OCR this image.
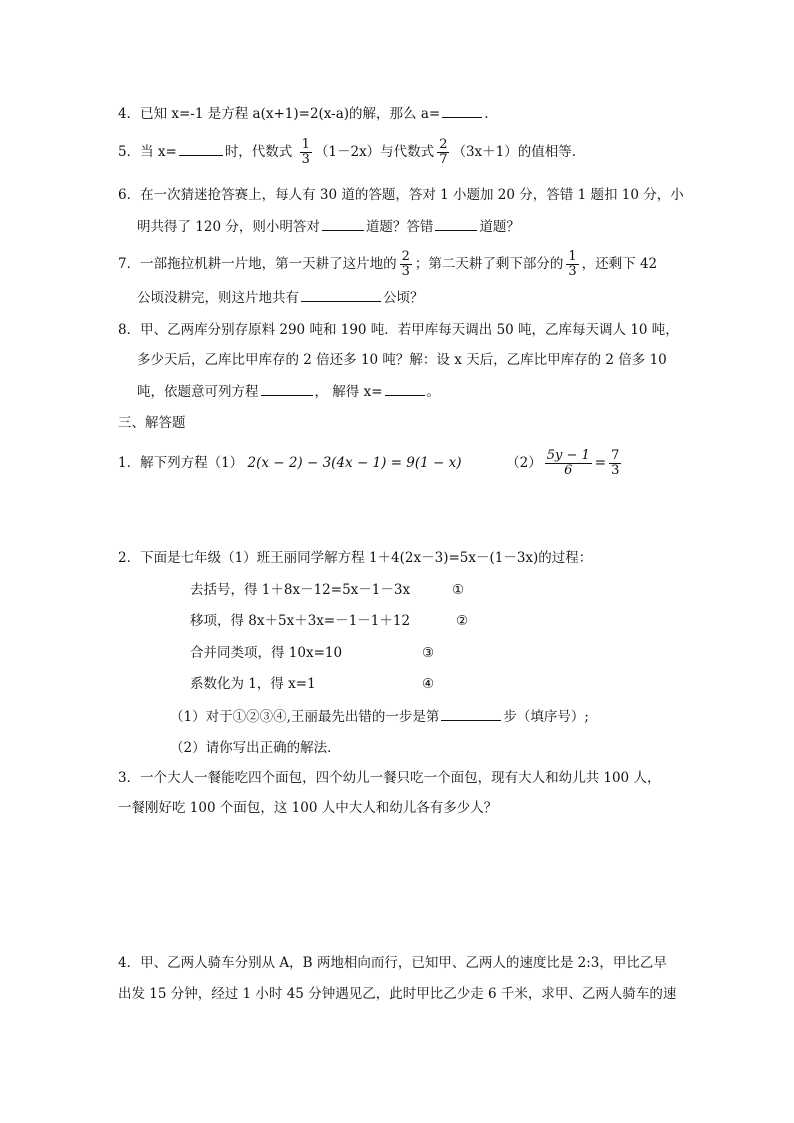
4．已知 x=-1 是方程 a(x+1)=2(x-a)的解，那么 a=	.
5．当 x=	时，代数式 $\frac{1}{3} (1-2x)$与代数式 $\frac{2}{7} (3x+1)$的值相等.
6．在一次猜迷抢答赛上，每人有 30 道的答题，答对 1 小题加 20 分，答错 1 题扣 10 分，小
明共得了 120 分，则小明答对	道题？答错	道题？
7．一部拖拉机耕一片地，第一天耕了这片地的 $\frac{2}{3}$ ；第二天耕了剩下部分的 $\frac{1}{3}$ ，还剩下 42
公顷没耕完，则这片地共有	公顷？
8．甲、乙两库分别存原料 290 吨和 190 吨．若甲库每天调出 50 吨，乙库每天调人 10 吨，
多少天后，乙库比甲库存的 2 倍还多 10 吨？解：设 x 天后，乙库比甲库存的 2 倍多 10
吨，依题意可列方程	， 解得 x=	。
三、解答题
1．解下列方程（1） 2(x − 2) − 3(4x − 1) = 9(1 − x)	$(2) \frac{5y - 1}{6} = \frac{7}{3}$
2．下面是七年级（1）班王丽同学解方程 1＋4(2x－3)=5x－(1－3x)的过程：
去括号，得 1＋8x－12=5x－1－3x	①
移项，得 8x＋5x＋3x=－1－1＋12	②
合并同类项，得 10x=10	③
系数化为 1，得 x=1	④
（1）对于①②③④,王丽最先出错的一步是第	步（填序号）;
（2）请你写出正确的解法．
3．一个大人一餐能吃四个面包，四个幼儿一餐只吃一个面包，现有大人和幼儿共 100 人，
一餐刚好吃 100 个面包，这 100 人中大人和幼儿各有多少人？
4．甲、乙两人骑车分别从 A，B 两地相向而行，已知甲、乙两人的速度比是 2:3，甲比乙早
出发 15 分钟，经过 1 小时 45 分钟遇见乙，此时甲比乙少走 6 千米，求甲、乙两人骑车的速
